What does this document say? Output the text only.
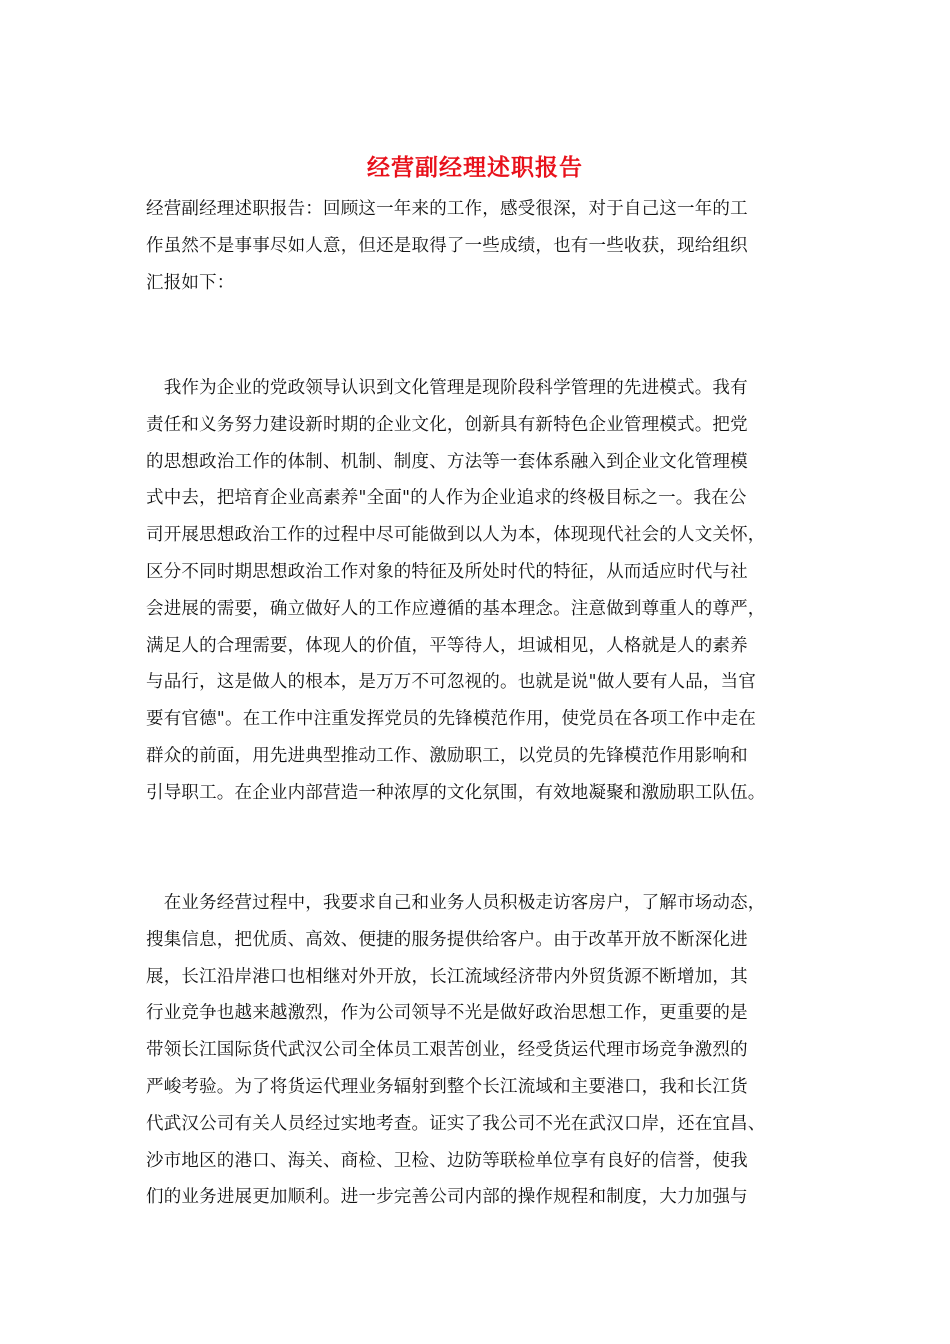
经营副经理述职报告
经营副经理述职报告：回顾这一年来的工作，感受很深，对于自己这一年的工
作虽然不是事事尽如人意，但还是取得了一些成绩，也有一些收获，现给组织
汇报如下：
　我作为企业的党政领导认识到文化管理是现阶段科学管理的先进模式。我有
责任和义务努力建设新时期的企业文化，创新具有新特色企业管理模式。把党
的思想政治工作的体制、机制、制度、方法等一套体系融入到企业文化管理模
式中去，把培育企业高素养"全面"的人作为企业追求的终极目标之一。我在公
司开展思想政治工作的过程中尽可能做到以人为本，体现现代社会的人文关怀，
区分不同时期思想政治工作对象的特征及所处时代的特征，从而适应时代与社
会进展的需要，确立做好人的工作应遵循的基本理念。注意做到尊重人的尊严，
满足人的合理需要，体现人的价值，平等待人，坦诚相见，人格就是人的素养
与品行，这是做人的根本，是万万不可忽视的。也就是说"做人要有人品，当官
要有官德"。在工作中注重发挥党员的先锋模范作用，使党员在各项工作中走在
群众的前面，用先进典型推动工作、激励职工，以党员的先锋模范作用影响和
引导职工。在企业内部营造一种浓厚的文化氛围，有效地凝聚和激励职工队伍。
　在业务经营过程中，我要求自己和业务人员积极走访客房户，了解市场动态，
搜集信息，把优质、高效、便捷的服务提供给客户。由于改革开放不断深化进
展，长江沿岸港口也相继对外开放，长江流域经济带内外贸货源不断增加，其
行业竞争也越来越激烈，作为公司领导不光是做好政治思想工作，更重要的是
带领长江国际货代武汉公司全体员工艰苦创业，经受货运代理市场竞争激烈的
严峻考验。为了将货运代理业务辐射到整个长江流域和主要港口，我和长江货
代武汉公司有关人员经过实地考查。证实了我公司不光在武汉口岸，还在宜昌、
沙市地区的港口、海关、商检、卫检、边防等联检单位享有良好的信誉，使我
们的业务进展更加顺利。进一步完善公司内部的操作规程和制度，大力加强与
